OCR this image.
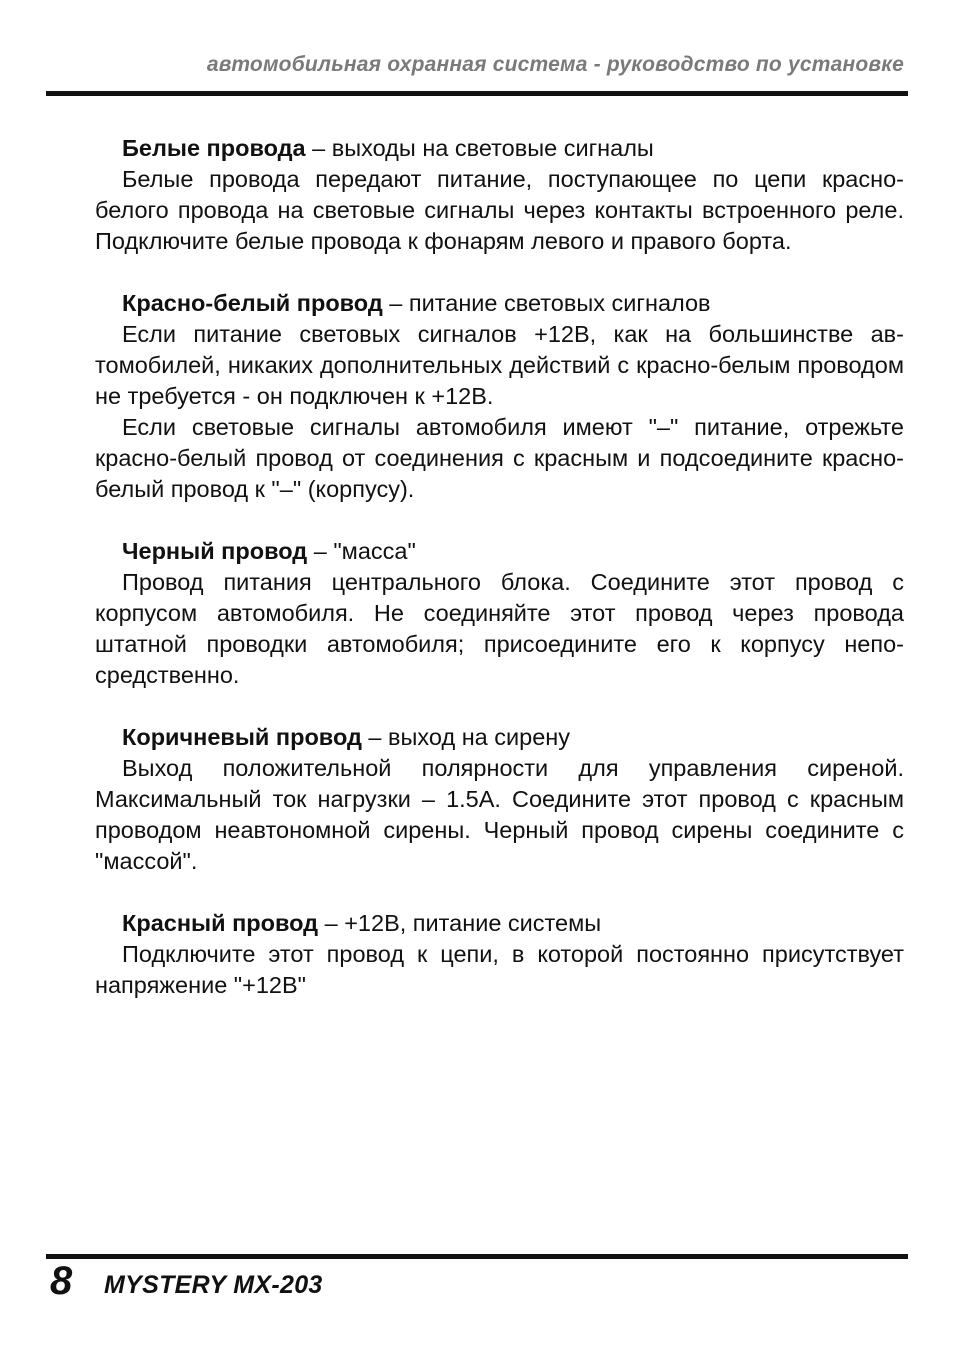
автомобильная охранная система - руководство по установке

Белые провода – выходы на световые сигналы

Белые провода передают питание, поступающее по цепи красно-белого провода на световые сигналы через контакты встроенного реле. Подключите белые провода к фонарям левого и правого борта.

Красно-белый провод – питание световых сигналов

Если питание световых сигналов +12В, как на большинстве автомобилей, никаких дополнительных действий с красно-белым проводом не требуется - он подключен к +12В.

Если световые сигналы автомобиля имеют "–" питание, отрежьте красно-белый провод от соединения с красным и подсоедините красно-белый провод к "–" (корпусу).

Черный провод – "масса"

Провод питания центрального блока. Соедините этот провод с корпусом автомобиля. Не соединяйте этот провод через провода штатной проводки автомобиля; присоедините его к корпусу непосредственно.

Коричневый провод – выход на сирену

Выход положительной полярности для управления сиреной. Максимальный ток нагрузки – 1.5А. Соедините этот провод с красным проводом неавтономной сирены. Черный провод сирены соедините с "массой".

Красный провод – +12В, питание системы

Подключите этот провод к цепи, в которой постоянно присутствует напряжение "+12В"

8 MYSTERY MX-203
